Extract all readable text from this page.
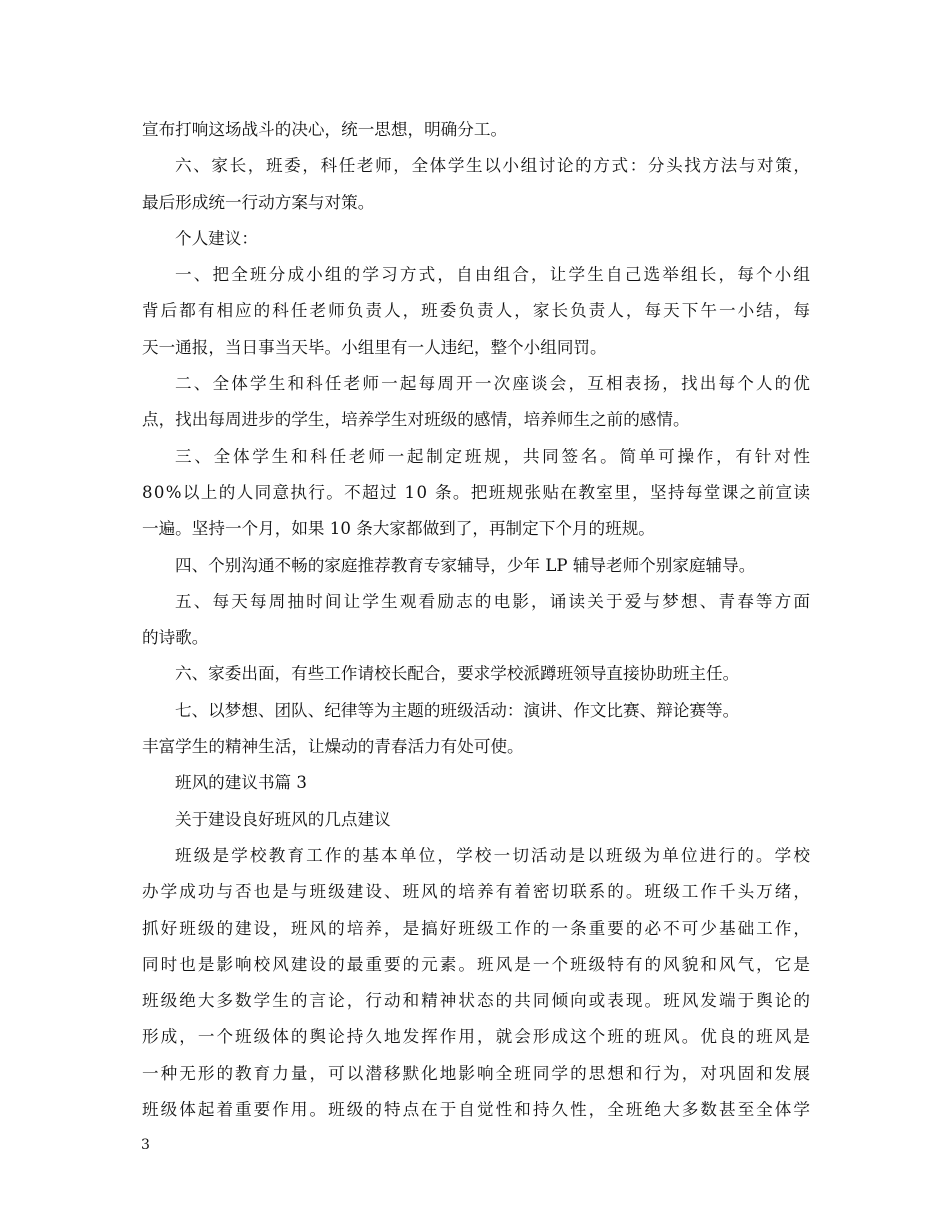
宣布打响这场战斗的决心，统一思想，明确分工。
六、家长，班委，科任老师，全体学生以小组讨论的方式：分头找方法与对策，
最后形成统一行动方案与对策。
个人建议：
一、把全班分成小组的学习方式，自由组合，让学生自己选举组长，每个小组
背后都有相应的科任老师负责人，班委负责人，家长负责人，每天下午一小结，每
天一通报，当日事当天毕。小组里有一人违纪，整个小组同罚。
二、全体学生和科任老师一起每周开一次座谈会，互相表扬，找出每个人的优
点，找出每周进步的学生，培养学生对班级的感情，培养师生之前的感情。
三、全体学生和科任老师一起制定班规，共同签名。简单可操作，有针对性
80%以上的人同意执行。不超过 10 条。把班规张贴在教室里，坚持每堂课之前宣读
一遍。坚持一个月，如果 10 条大家都做到了，再制定下个月的班规。
四、个别沟通不畅的家庭推荐教育专家辅导，少年 LP 辅导老师个别家庭辅导。
五、每天每周抽时间让学生观看励志的电影，诵读关于爱与梦想、青春等方面
的诗歌。
六、家委出面，有些工作请校长配合，要求学校派蹲班领导直接协助班主任。
七、以梦想、团队、纪律等为主题的班级活动：演讲、作文比赛、辩论赛等。
丰富学生的精神生活，让燥动的青春活力有处可使。
班风的建议书篇 3
关于建设良好班风的几点建议
班级是学校教育工作的基本单位，学校一切活动是以班级为单位进行的。学校
办学成功与否也是与班级建设、班风的培养有着密切联系的。班级工作千头万绪，
抓好班级的建设，班风的培养，是搞好班级工作的一条重要的必不可少基础工作，
同时也是影响校风建设的最重要的元素。班风是一个班级特有的风貌和风气，它是
班级绝大多数学生的言论，行动和精神状态的共同倾向或表现。班风发端于舆论的
形成，一个班级体的舆论持久地发挥作用，就会形成这个班的班风。优良的班风是
一种无形的教育力量，可以潜移默化地影响全班同学的思想和行为，对巩固和发展
班级体起着重要作用。班级的特点在于自觉性和持久性，全班绝大多数甚至全体学
3
